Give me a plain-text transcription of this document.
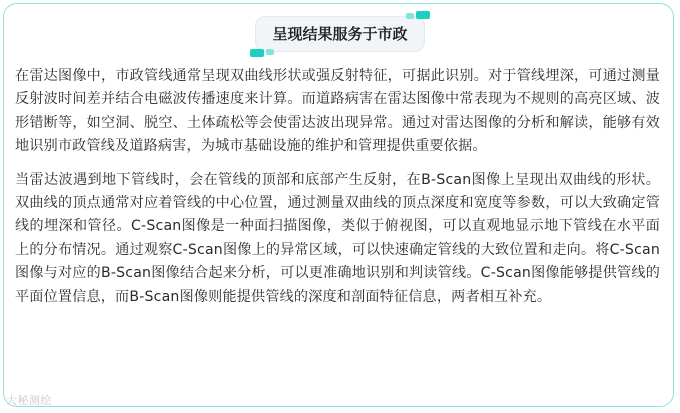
呈现结果服务于市政

在雷达图像中，市政管线通常呈现双曲线形状或强反射特征，可据此识别。对于管线埋深，可通过测量反射波时间差并结合电磁波传播速度来计算。而道路病害在雷达图像中常表现为不规则的高亮区域、波形错断等，如空洞、脱空、土体疏松等会使雷达波出现异常。通过对雷达图像的分析和解读，能够有效地识别市政管线及道路病害，为城市基础设施的维护和管理提供重要依据。

当雷达波遇到地下管线时，会在管线的顶部和底部产生反射，在B-Scan图像上呈现出双曲线的形状。双曲线的顶点通常对应着管线的中心位置，通过测量双曲线的顶点深度和宽度等参数，可以大致确定管线的埋深和管径。C-Scan图像是一种面扫描图像，类似于俯视图，可以直观地显示地下管线在水平面上的分布情况。通过观察C-Scan图像上的异常区域，可以快速确定管线的大致位置和走向。将C-Scan图像与对应的B-Scan图像结合起来分析，可以更准确地识别和判读管线。C-Scan图像能够提供管线的平面位置信息，而B-Scan图像则能提供管线的深度和剖面特征信息，两者相互补充。

大秘测绘
